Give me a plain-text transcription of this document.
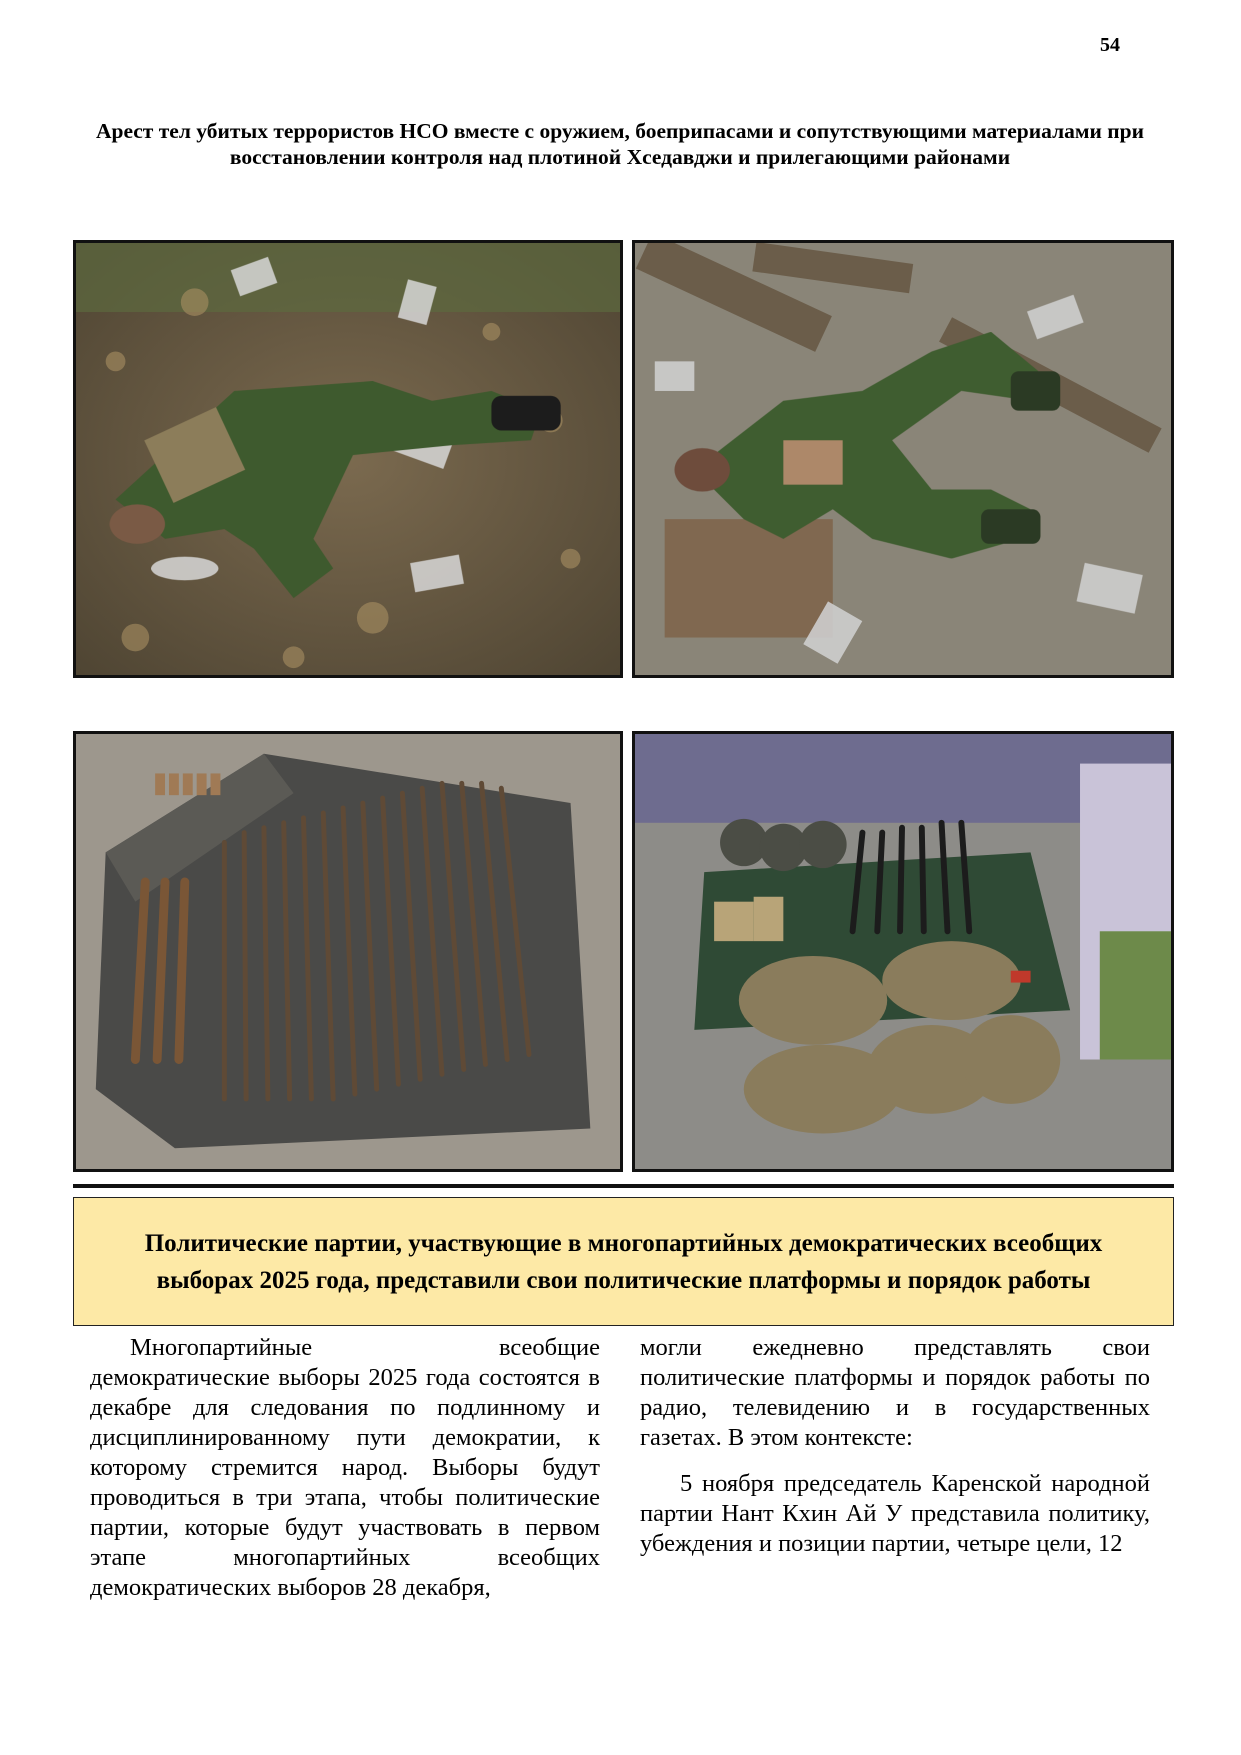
54
Арест тел убитых террористов НСО вместе с оружием, боеприпасами и сопутствующими материалами при восстановлении контроля над плотиной Хседавджи и прилегающими районами
Политические партии, участвующие в многопартийных демократических всеобщих выборах 2025 года, представили свои политические платформы и порядок работы

Многопартийные всеобщие демократические выборы 2025 года состоятся в декабре для следования по подлинному и дисциплинированному пути демократии, к которому стремится народ. Выборы будут проводиться в три этапа, чтобы политические партии, которые будут участвовать в первом этапе многопартийных всеобщих демократических выборов 28 декабря,

могли ежедневно представлять свои политические платформы и порядок работы по радио, телевидению и в государственных газетах. В этом контексте:

5 ноября председатель Каренской народной партии Нант Кхин Ай У представила политику, убеждения и позиции партии, четыре цели, 12
